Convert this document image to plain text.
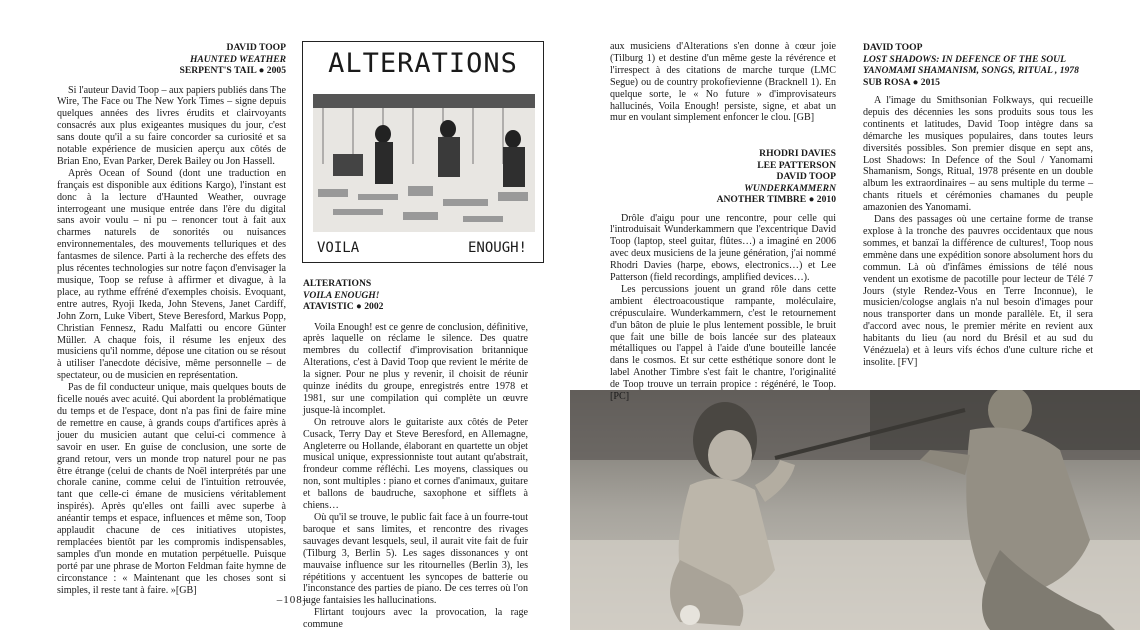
DAVID TOOP
HAUNTED WEATHER
SERPENT'S TAIL ● 2005

Si l'auteur David Toop – aux papiers publiés dans The Wire, The Face ou The New York Times – signe depuis quelques années des livres érudits et clairvoyants consacrés aux plus exigeantes musiques du jour, c'est sans doute qu'il a su faire concorder sa curiosité et sa notable expérience de musicien aperçu aux côtés de Brian Eno, Evan Parker, Derek Bailey ou Jon Hassell.

Après Ocean of Sound (dont une traduction en français est disponible aux éditions Kargo), l'instant est donc à la lecture d'Haunted Weather, ouvrage interrogeant une musique entrée dans l'ère du digital sans avoir voulu – ni pu – renoncer tout à fait aux charmes naturels de sonorités ou nuisances environnementales, des mouvements telluriques et des fantasmes de silence. Parti à la recherche des effets des plus récentes technologies sur notre façon d'envisager la musique, Toop se refuse à affirmer et divague, à la place, au rythme effréné d'exemples choisis. Evoquant, entre autres, Ryoji Ikeda, John Stevens, Janet Cardiff, John Zorn, Luke Vibert, Steve Beresford, Markus Popp, Christian Fennesz, Radu Malfatti ou encore Günter Müller. A chaque fois, il résume les enjeux des musiciens qu'il nomme, dépose une citation ou se résout à utiliser l'anecdote décisive, même personnelle – de spectateur, ou de musicien en représentation.

Pas de fil conducteur unique, mais quelques bouts de ficelle noués avec acuité. Qui abordent la problématique du temps et de l'espace, dont n'a pas fini de faire mine de remettre en cause, à grands coups d'artifices après à jouer du musicien autant que celui-ci commence à savoir en user. En guise de conclusion, une sorte de grand retour, vers un monde trop naturel pour ne pas être étrange (celui de chants de Noël interprétés par une chorale canine, comme celui de l'intuition retrouvée, tant que celle-ci émane de musiciens véritablement inspirés). Après qu'elles ont failli avec superbe à anéantir temps et espace, influences et même son, Toop applaudit chacune de ces initiatives utopistes, remplacées bientôt par les compromis indispensables, samples d'un monde en mutation perpétuelle. Puisque porté par une phrase de Morton Feldman faite hymne de circonstance : « Maintenant que les choses sont si simples, il reste tant à faire. »[GB]

ALTERATIONS
VOILA	ENOUGH!
ALTERATIONS
VOILA ENOUGH!
ATAVISTIC ● 2002

Voila Enough! est ce genre de conclusion, définitive, après laquelle on réclame le silence. Des quatre membres du collectif d'improvisation britannique Alterations, c'est à David Toop que revient le mérite de la signer. Pour ne plus y revenir, il choisit de réunir quinze inédits du groupe, enregistrés entre 1978 et 1981, sur une compilation qui complète un œuvre jusque-là incomplet.

On retrouve alors le guitariste aux côtés de Peter Cusack, Terry Day et Steve Beresford, en Allemagne, Angleterre ou Hollande, élaborant en quartette un objet musical unique, expressionniste tout autant qu'abstrait, frondeur comme réfléchi. Les moyens, classiques ou non, sont multiples : piano et cornes d'animaux, guitare et ballons de baudruche, saxophone et sifflets à chiens…

Où qu'il se trouve, le public fait face à un fourre-tout baroque et sans limites, et rencontre des rivages sauvages devant lesquels, seul, il aurait vite fait de fuir (Tilburg 3, Berlin 5). Les sages dissonances y ont mauvaise influence sur les ritournelles (Berlin 3), les répétitions y accentuent les syncopes de batterie ou l'inconstance des parties de piano. De ces terres où l'on juge fantaisies les hallucinations.

Flirtant toujours avec la provocation, la rage commune

–108–

aux musiciens d'Alterations s'en donne à cœur joie (Tilburg 1) et destine d'un même geste la révérence et l'irrespect à des citations de marche turque (LMC Segue) ou de country prokofievienne (Bracknell 1). En quelque sorte, le « No future » d'improvisateurs hallucinés, Voila Enough! persiste, signe, et abat un mur en voulant simplement enfoncer le clou. [GB]

RHODRI DAVIES
LEE PATTERSON
DAVID TOOP
WUNDERKAMMERN
ANOTHER TIMBRE ● 2010

Drôle d'aigu pour une rencontre, pour celle qui l'introduisait Wunderkammern que l'excentrique David Toop (laptop, steel guitar, flûtes…) a imaginé en 2006 avec deux musiciens de la jeune génération, j'ai nommé Rhodri Davies (harpe, ebows, electronics…) et Lee Patterson (field recordings, amplified devices…).

Les percussions jouent un grand rôle dans cette ambient électroacoustique rampante, moléculaire, crépusculaire. Wunderkammern, c'est le retournement d'un bâton de pluie le plus lentement possible, le bruit que fait une bille de bois lancée sur des plateaux métalliques ou l'appel à l'aide d'une bouteille lancée dans le cosmos. Et sur cette esthétique sonore dont le label Another Timbre s'est fait le chantre, l'originalité de Toop trouve un terrain propice : régénéré, le Toop. [PC]

DAVID TOOP
LOST SHADOWS: IN DEFENCE OF THE SOUL
YANOMAMI SHAMANISM, SONGS, RITUAL , 1978
SUB ROSA ● 2015

A l'image du Smithsonian Folkways, qui recueille depuis des décennies les sons produits sous tous les continents et latitudes, David Toop intègre dans sa démarche les musiques populaires, dans toutes leurs diversités possibles. Son premier disque en sept ans, Lost Shadows: In Defence of the Soul / Yanomami Shamanism, Songs, Ritual, 1978 présente en un double album les extraordinaires – au sens multiple du terme – chants rituels et cérémonies chamanes du peuple amazonien des Yanomami.

Dans des passages où une certaine forme de transe explose à la tronche des pauvres occidentaux que nous sommes, et banzaï la différence de cultures!, Toop nous emmène dans une expédition sonore absolument hors du commun. Là où d'infâmes émissions de télé nous vendent un exotisme de pacotille pour lecteur de Télé 7 Jours (style Rendez-Vous en Terre Inconnue), le musicien/cologse anglais n'a nul besoin d'images pour nous transporter dans un monde parallèle. Et, il sera d'accord avec nous, le premier mérite en revient aux habitants du lieu (au nord du Brésil et au sud du Vénézuela) et à leurs vifs échos d'une culture riche et insolite. [FV]
